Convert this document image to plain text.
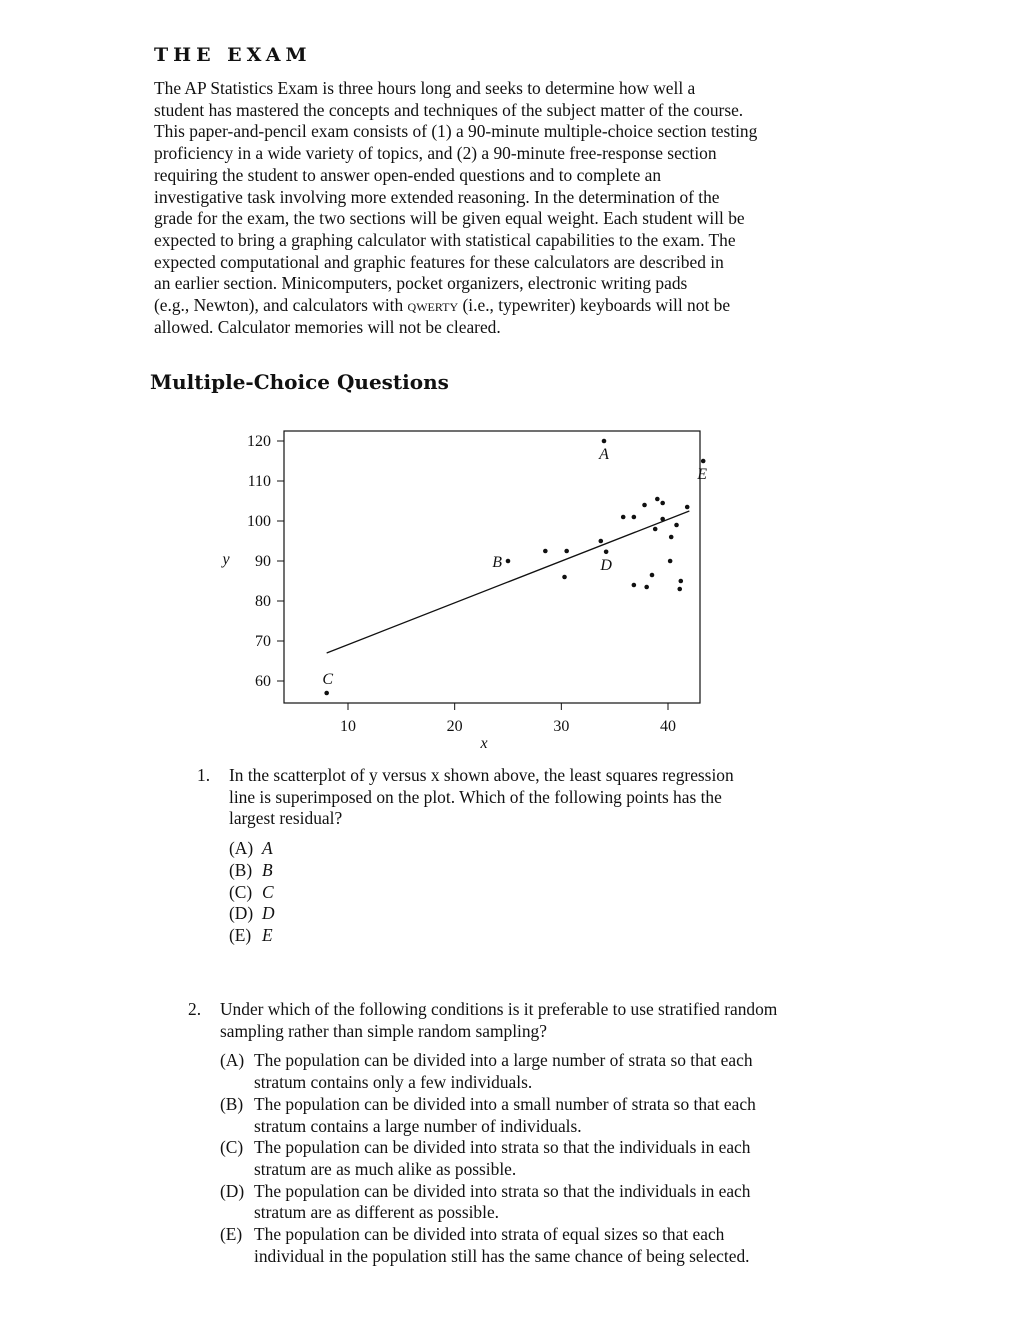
THE EXAM
The AP Statistics Exam is three hours long and seeks to determine how well a
student has mastered the concepts and techniques of the subject matter of the course.
This paper-and-pencil exam consists of (1) a 90-minute multiple-choice section testing
proficiency in a wide variety of topics, and (2) a 90-minute free-response section
requiring the student to answer open-ended questions and to complete an
investigative task involving more extended reasoning. In the determination of the
grade for the exam, the two sections will be given equal weight. Each student will be
expected to bring a graphing calculator with statistical capabilities to the exam. The
expected computational and graphic features for these calculators are described in
an earlier section. Minicomputers, pocket organizers, electronic writing pads
(e.g., Newton), and calculators with qwerty (i.e., typewriter) keyboards will not be
allowed. Calculator memories will not be cleared.
Multiple-Choice Questions
120
110
100
90
80
70
60
10	20	30	40
x
y
A
B
C
D
E
1. In the scatterplot of y versus x shown above, the least squares regression
line is superimposed on the plot. Which of the following points has the
largest residual?
(A) A
(B) B
(C) C
(D) D
(E) E
2. Under which of the following conditions is it preferable to use stratified random
sampling rather than simple random sampling?
(A) The population can be divided into a large number of strata so that each
stratum contains only a few individuals.
(B) The population can be divided into a small number of strata so that each
stratum contains a large number of individuals.
(C) The population can be divided into strata so that the individuals in each
stratum are as much alike as possible.
(D) The population can be divided into strata so that the individuals in each
stratum are as different as possible.
(E) The population can be divided into strata of equal sizes so that each
individual in the population still has the same chance of being selected.
